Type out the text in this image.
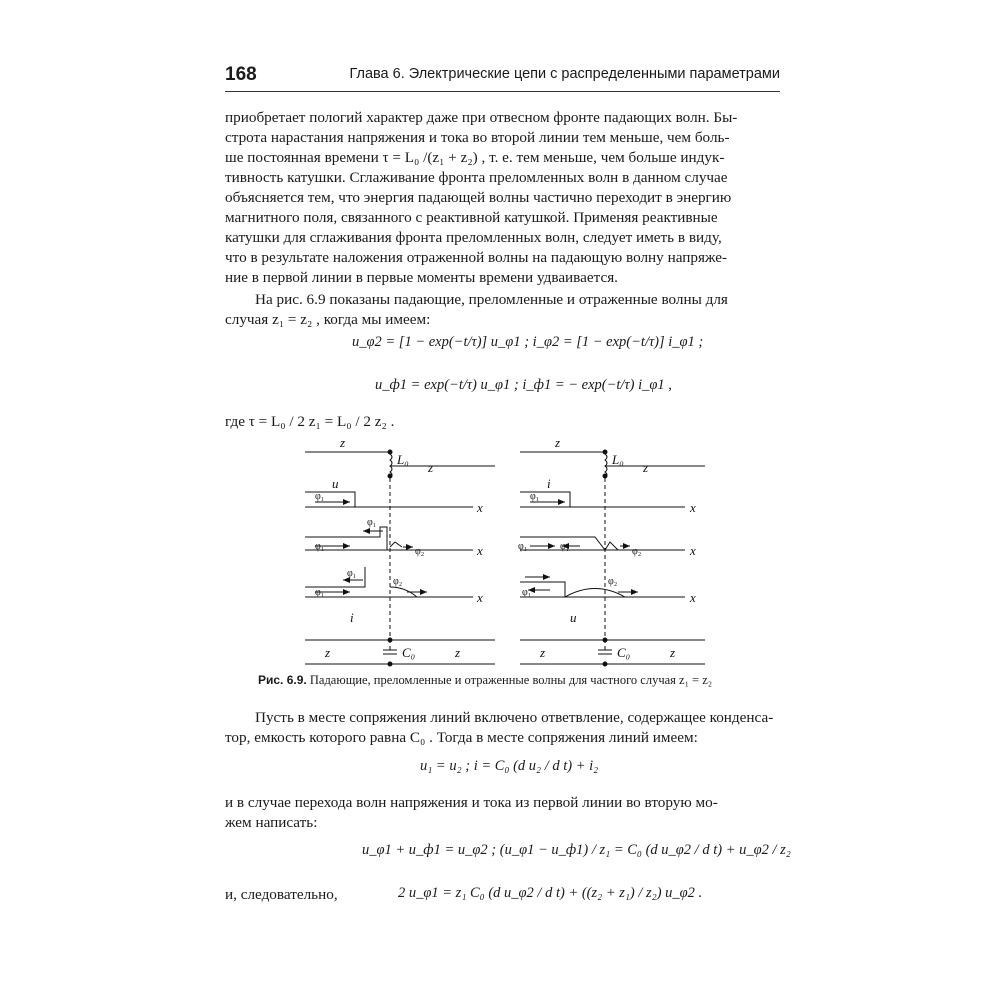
168	Глава 6. Электрические цепи с распределенными параметрами
приобретает пологий характер даже при отвесном фронте падающих волн. Бы-
строта нарастания напряжения и тока во второй линии тем меньше, чем боль-
ше постоянная времени τ = L₀ /(z₁ + z₂) , т. е. тем меньше, чем больше индук-
тивность катушки. Сглаживание фронта преломленных волн в данном случае
объясняется тем, что энергия падающей волны частично переходит в энергию
магнитного поля, связанного с реактивной катушкой. Применяя реактивные
катушки для сглаживания фронта преломленных волн, следует иметь в виду,
что в результате наложения отраженной волны на падающую волну напряже-
ние в первой линии в первые моменты времени удваивается.
На рис. 6.9 показаны падающие, преломленные и отраженные волны для
случая z₁ = z₂ , когда мы имеем:
u_φ2 = [1 − exp(−t/τ)] u_φ1 ; i_φ2 = [1 − exp(−t/τ)] i_φ1 ;
u_ф1 = exp(−t/τ) u_φ1 ; i_ф1 = − exp(−t/τ) i_φ1 ,
где τ = L₀ / 2 z₁ = L₀ / 2 z₂ .
z
L₀
z
u
φ₁
x
φ₁
φ₁	φ₂	x
φ₁
φ₁
φ₂
x
i
z	C₀	z
z
L₀
z
i
φ₁
x
φ₁	φ₁	φ₂	x
φ₁
φ₂
x
u
z	C₀	z
Рис. 6.9. Падающие, преломленные и отраженные волны для частного случая z₁ = z₂
Пусть в месте сопряжения линий включено ответвление, содержащее конденса-
тор, емкость которого равна C₀ . Тогда в месте сопряжения линий имеем:
u₁ = u₂ ; i = C₀ (d u₂ / d t) + i₂
и в случае перехода волн напряжения и тока из первой линии во вторую мо-
жем написать:
u_φ1 + u_ф1 = u_φ2 ; (u_φ1 − u_ф1) / z₁ = C₀ (d u_φ2 / d t) + u_φ2 / z₂
и, следовательно,	2 u_φ1 = z₁ C₀ (d u_φ2 / d t) + ((z₂ + z₁) / z₂) u_φ2 .
